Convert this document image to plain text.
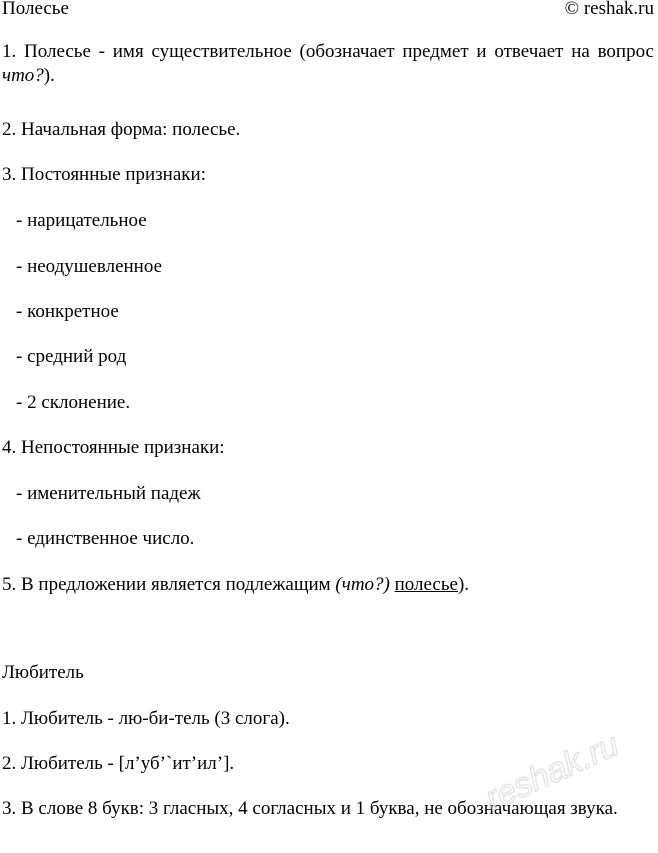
Полесье	© reshak.ru

1. Полесье - имя существительное (обозначает предмет и отвечает на вопрос что?).

2. Начальная форма: полесье.

3. Постоянные признаки:

- нарицательное

- неодушевленное

- конкретное

- средний род

- 2 склонение.

4. Непостоянные признаки:

- именительный падеж

- единственное число.

5. В предложении является подлежащим (что?) полесье).

Любитель

1. Любитель - лю-би-тель (3 слога).

2. Любитель - [л’уб’`ит’ил’].

3. В слове 8 букв: 3 гласных, 4 согласных и 1 буква, не обозначающая звука.

reshak.ru
